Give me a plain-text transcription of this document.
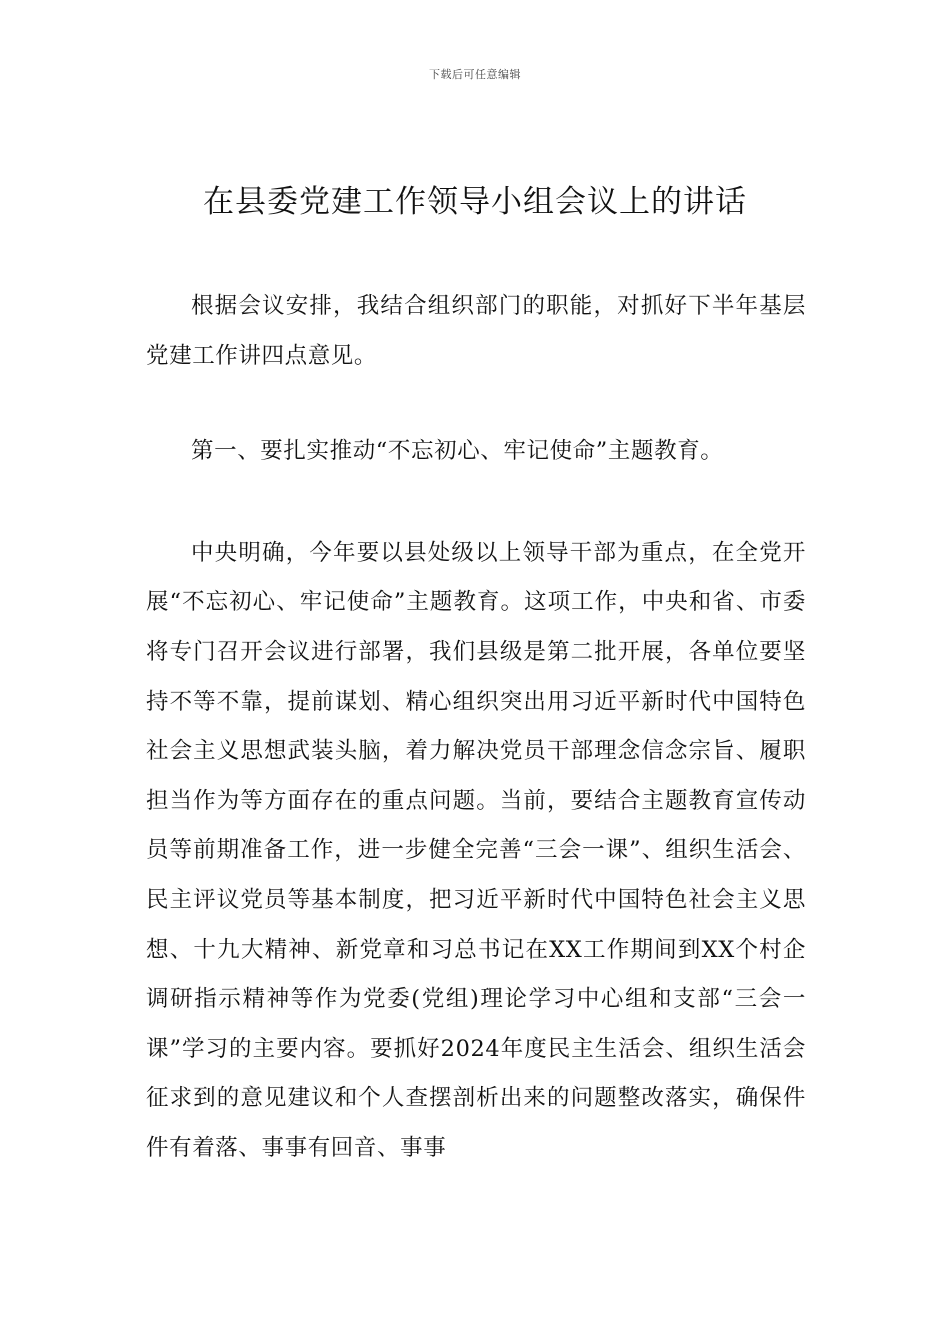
下载后可任意编辑
在县委党建工作领导小组会议上的讲话

根据会议安排，我结合组织部门的职能，对抓好下半年基层党建工作讲四点意见。

第一、要扎实推动“不忘初心、牢记使命”主题教育。

中央明确，今年要以县处级以上领导干部为重点，在全党开展“不忘初心、牢记使命”主题教育。这项工作，中央和省、市委将专门召开会议进行部署，我们县级是第二批开展，各单位要坚持不等不靠，提前谋划、精心组织突出用习近平新时代中国特色社会主义思想武装头脑，着力解决党员干部理念信念宗旨、履职担当作为等方面存在的重点问题。当前，要结合主题教育宣传动员等前期准备工作，进一步健全完善“三会一课”、组织生活会、民主评议党员等基本制度，把习近平新时代中国特色社会主义思想、十九大精神、新党章和习总书记在XX工作期间到XX个村企调研指示精神等作为党委(党组)理论学习中心组和支部“三会一课”学习的主要内容。要抓好2024年度民主生活会、组织生活会征求到的意见建议和个人查摆剖析出来的问题整改落实，确保件件有着落、事事有回音、事事
